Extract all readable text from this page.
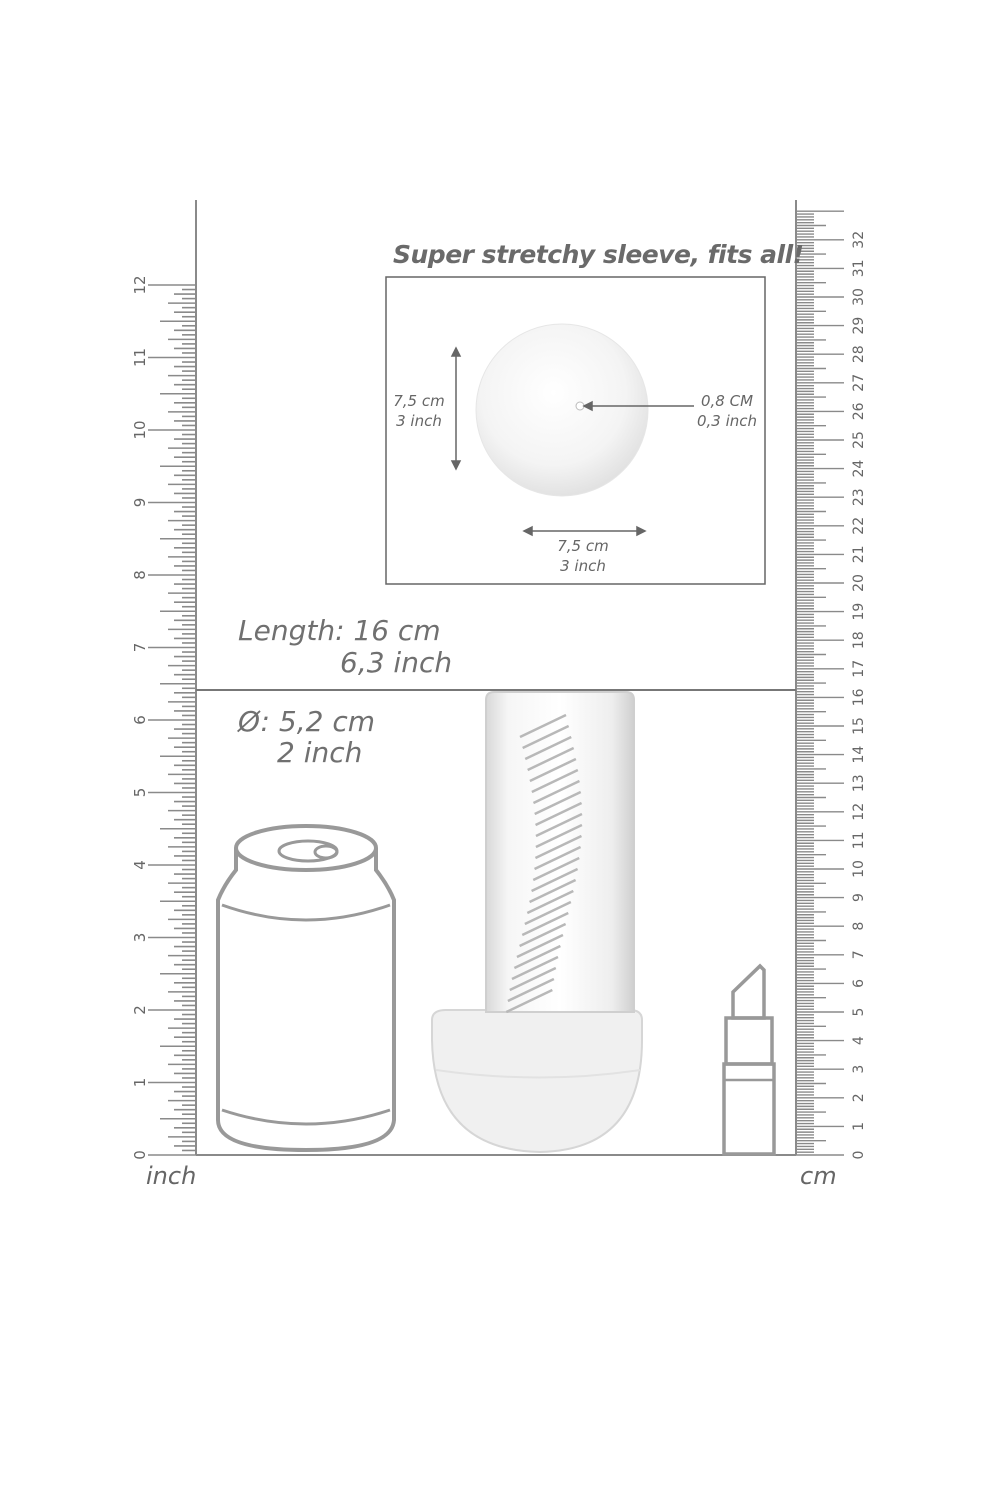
0
1
2
3
4
5
6
7
8
9
10
11
12
0
1
2
3
4
5
6
7
8
9
10
11
12
13
14
15
16
17
18
19
20
21
22
23
24
25
26
27
28
29
30
31
32
Super stretchy sleeve, fits all!
Length: 16 cm
6,3 inch
Ø: 5,2 cm
2 inch
7,5 cm
3 inch
7,5 cm
3 inch
0,8 CM
0,3 inch
inch	cm
